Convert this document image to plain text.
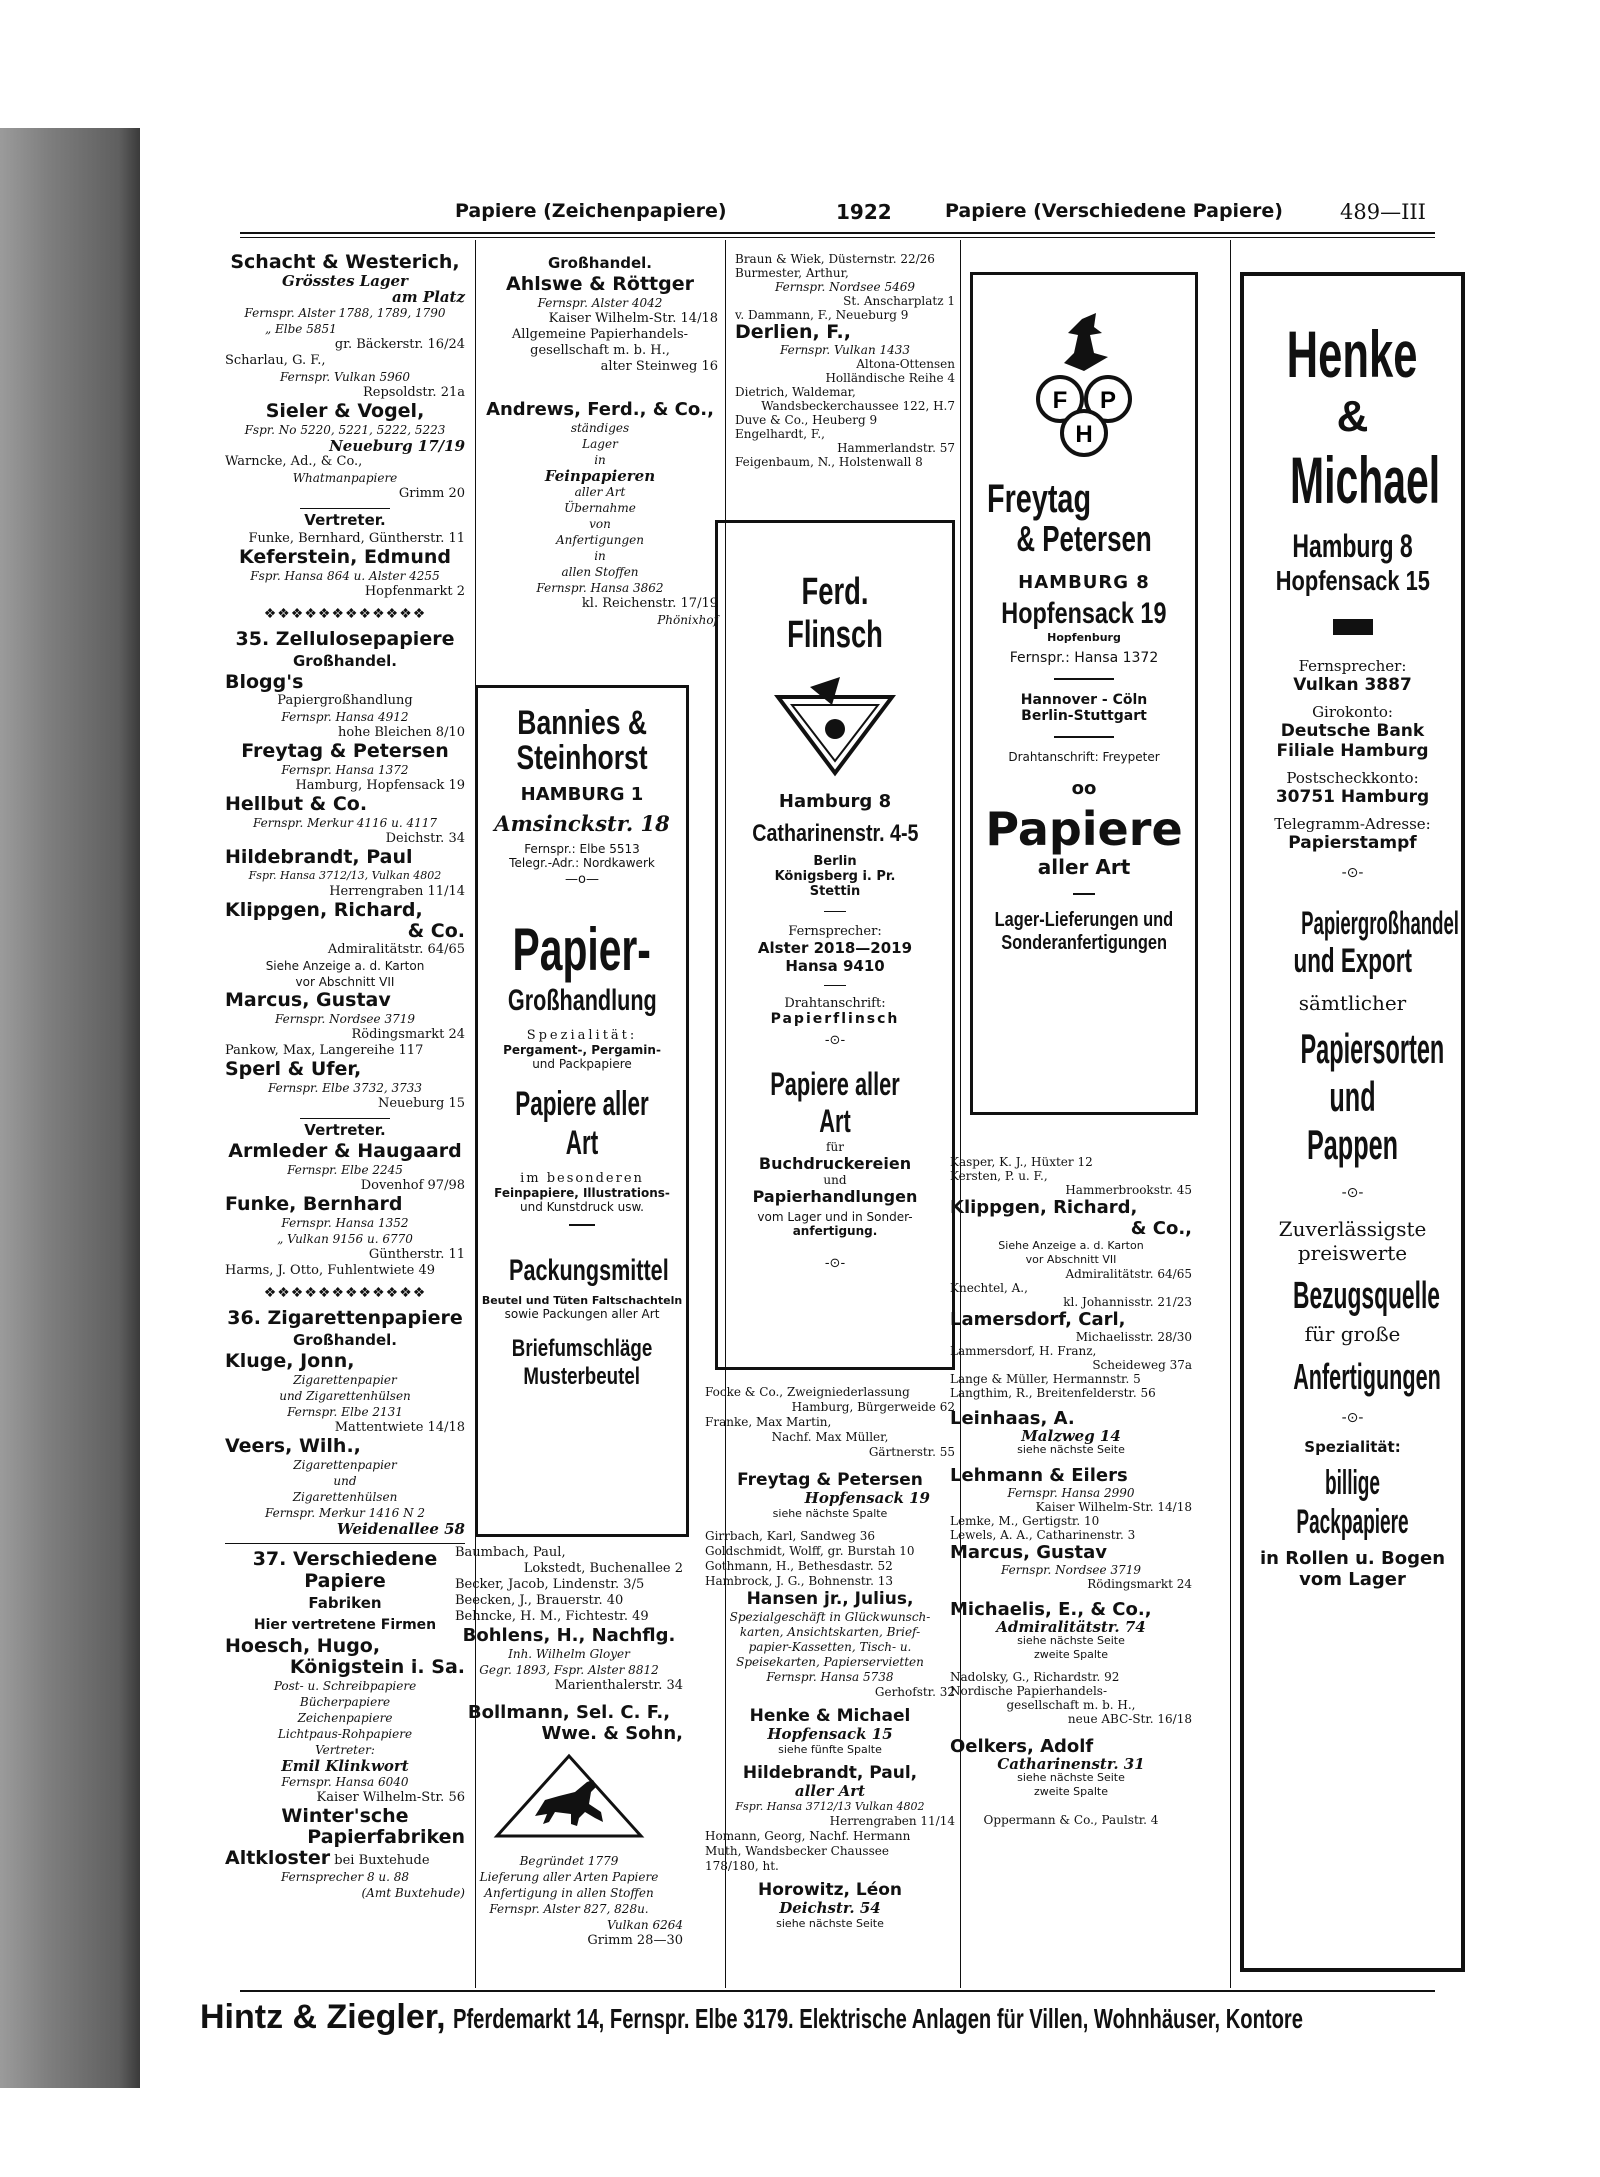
Papiere (Zeichenpapiere)	1922	Papiere (Verschiedene Papiere)	489—III
Schacht & Westerich,
Grösstes Lager
am Platz
Fernspr. Alster 1788, 1789, 1790
„ Elbe 5851
gr. Bäckerstr. 16/24
Scharlau, G. F.,
Fernspr. Vulkan 5960
Repsoldstr. 21a
Sieler & Vogel,
Fspr. No 5220, 5221, 5222, 5223
Neueburg 17/19
Warncke, Ad., & Co.,
Whatmanpapiere
Grimm 20
Vertreter.
Funke, Bernhard, Güntherstr. 11
Keferstein, Edmund
Fspr. Hansa 864 u. Alster 4255
Hopfenmarkt 2
❖❖❖❖❖❖❖❖❖❖❖❖
35. Zellulosepapiere
Großhandel.
Blogg's
Papiergroßhandlung
Fernspr. Hansa 4912
hohe Bleichen 8/10
Freytag & Petersen
Fernspr. Hansa 1372
Hamburg, Hopfensack 19
Hellbut & Co.
Fernspr. Merkur 4116 u. 4117
Deichstr. 34
Hildebrandt, Paul
Fspr. Hansa 3712/13, Vulkan 4802
Herrengraben 11/14
Klippgen, Richard,
& Co.
Admiralitätstr. 64/65
Siehe Anzeige a. d. Karton
vor Abschnitt VII
Marcus, Gustav
Fernspr. Nordsee 3719
Rödingsmarkt 24
Pankow, Max, Langereihe 117
Sperl & Ufer,
Fernspr. Elbe 3732, 3733
Neueburg 15
Vertreter.
Armleder & Haugaard
Fernspr. Elbe 2245
Dovenhof 97/98
Funke, Bernhard
Fernspr. Hansa 1352
„ Vulkan 9156 u. 6770
Güntherstr. 11
Harms, J. Otto, Fuhlentwiete 49
❖❖❖❖❖❖❖❖❖❖❖❖
36. Zigarettenpapiere
Großhandel.
Kluge, Jonn,
Zigarettenpapier
und Zigarettenhülsen
Fernspr. Elbe 2131
Mattentwiete 14/18
Veers, Wilh.,
Zigarettenpapier
und
Zigarettenhülsen
Fernspr. Merkur 1416 N 2
Weidenallee 58
37. Verschiedene
Papiere
Fabriken
Hier vertretene Firmen
Hoesch, Hugo,
Königstein i. Sa.
Post- u. Schreibpapiere
Bücherpapiere
Zeichenpapiere
Lichtpaus-Rohpapiere
Vertreter:
Emil Klinkwort
Fernspr. Hansa 6040
Kaiser Wilhelm-Str. 56
Winter'sche
Papierfabriken
Altkloster bei Buxtehude
Fernsprecher 8 u. 88
(Amt Buxtehude)
Großhandel.
Ahlswe & Röttger
Fernspr. Alster 4042
Kaiser Wilhelm-Str. 14/18
Allgemeine Papierhandels-
gesellschaft m. b. H.,
alter Steinweg 16
Andrews, Ferd., & Co.,
ständiges
Lager
in
Feinpapieren
aller Art
Übernahme
von
Anfertigungen
in
allen Stoffen
Fernspr. Hansa 3862
kl. Reichenstr. 17/19
Phönixhof
Bannies &
Steinhorst
HAMBURG 1
Amsinckstr. 18
Fernspr.: Elbe 5513
Telegr.-Adr.: Nordkawerk
—o—
Papier-
Großhandlung
Spezialität:
Pergament-, Pergamin-
und Packpapiere
Papiere aller Art
im besonderen
Feinpapiere, Illustrations-
und Kunstdruck usw.
Packungsmittel
Beutel und Tüten Faltschachteln
sowie Packungen aller Art
Briefumschläge
Musterbeutel
Baumbach, Paul,
Lokstedt, Buchenallee 2
Becker, Jacob, Lindenstr. 3/5
Beecken, J., Brauerstr. 40
Behncke, H. M., Fichtestr. 49
Bohlens, H., Nachflg.
Inh. Wilhelm Gloyer
Gegr. 1893, Fspr. Alster 8812
Marienthalerstr. 34
Bollmann, Sel. C. F.,
Wwe. & Sohn,
Begründet 1779
Lieferung aller Arten Papiere
Anfertigung in allen Stoffen
Fernspr. Alster 827, 828u.
Vulkan 6264
Grimm 28—30
Braun & Wiek, Düsternstr. 22/26
Burmester, Arthur,
Fernspr. Nordsee 5469
St. Anscharplatz 1
v. Dammann, F., Neueburg 9
Derlien, F.,
Fernspr. Vulkan 1433
Altona-Ottensen
Holländische Reihe 4
Dietrich, Waldemar,
Wandsbeckerchaussee 122, H.7
Duve & Co., Heuberg 9
Engelhardt, F.,
Hammerlandstr. 57
Feigenbaum, N., Holstenwall 8
Ferd. Flinsch
Hamburg 8
Catharinenstr. 4-5
Berlin
Königsberg i. Pr.
Stettin
Fernsprecher:
Alster 2018—2019
Hansa 9410
Drahtanschrift:
Papierflinsch
-⊙-
Papiere aller Art
für
Buchdruckereien
und
Papierhandlungen
vom Lager und in Sonder-
anfertigung.
-⊙-
Focke & Co., Zweigniederlassung
Hamburg, Bürgerweide 62
Franke, Max Martin,
Nachf. Max Müller,
Gärtnerstr. 55
Freytag & Petersen
Hopfensack 19
siehe nächste Spalte
Girrbach, Karl, Sandweg 36
Goldschmidt, Wolff, gr. Burstah 10
Gothmann, H., Bethesdastr. 52
Hambrock, J. G., Bohnenstr. 13
Hansen jr., Julius,
Spezialgeschäft in Glückwunsch-
karten, Ansichtskarten, Brief-
papier-Kassetten, Tisch- u.
Speisekarten, Papierservietten
Fernspr. Hansa 5738
Gerhofstr. 32
Henke & Michael
Hopfensack 15
siehe fünfte Spalte
Hildebrandt, Paul,
aller Art
Fspr. Hansa 3712/13 Vulkan 4802
Herrengraben 11/14
Homann, Georg, Nachf. Hermann
Muth, Wandsbecker Chaussee
178/180, ht.
Horowitz, Léon
Deichstr. 54
siehe nächste Seite
F P
H
Freytag
& Petersen
HAMBURG 8
Hopfensack 19
Hopfenburg
Fernspr.: Hansa 1372
Hannover - Cöln
Berlin-Stuttgart
Drahtanschrift: Freypeter
oo
Papiere
aller Art
Lager-Lieferungen und
Sonderanfertigungen
Kasper, K. J., Hüxter 12
Kersten, P. u. F.,
Hammerbrookstr. 45
Klippgen, Richard,
& Co.,
Siehe Anzeige a. d. Karton
vor Abschnitt VII
Admiralitätstr. 64/65
Knechtel, A.,
kl. Johannisstr. 21/23
Lamersdorf, Carl,
Michaelisstr. 28/30
Lammersdorf, H. Franz,
Scheideweg 37a
Lange & Müller, Hermannstr. 5
Langthim, R., Breitenfelderstr. 56
Leinhaas, A.
Malzweg 14
siehe nächste Seite
Lehmann & Eilers
Fernspr. Hansa 2990
Kaiser Wilhelm-Str. 14/18
Lemke, M., Gertigstr. 10
Lewels, A. A., Catharinenstr. 3
Marcus, Gustav
Fernspr. Nordsee 3719
Rödingsmarkt 24
Michaelis, E., & Co.,
Admiralitätstr. 74
siehe nächste Seite
zweite Spalte
Nadolsky, G., Richardstr. 92
Nordische Papierhandels-
gesellschaft m. b. H.,
neue ABC-Str. 16/18
Oelkers, Adolf
Catharinenstr. 31
siehe nächste Seite
zweite Spalte
Oppermann & Co., Paulstr. 4
Henke
&
Michael
Hamburg 8
Hopfensack 15
Fernsprecher:
Vulkan 3887
Girokonto:
Deutsche Bank
Filiale Hamburg
Postscheckkonto:
30751 Hamburg
Telegramm-Adresse:
Papierstampf
-⊙-
Papiergroßhandel
und Export
sämtlicher
Papiersorten
und Pappen
-⊙-
Zuverlässigste
preiswerte
Bezugsquelle
für große
Anfertigungen
-⊙-
Spezialität:
billige Packpapiere
in Rollen u. Bogen
vom Lager
Hintz & Ziegler, Pferdemarkt 14, Fernspr. Elbe 3179. Elektrische Anlagen für Villen, Wohnhäuser, Kontore
